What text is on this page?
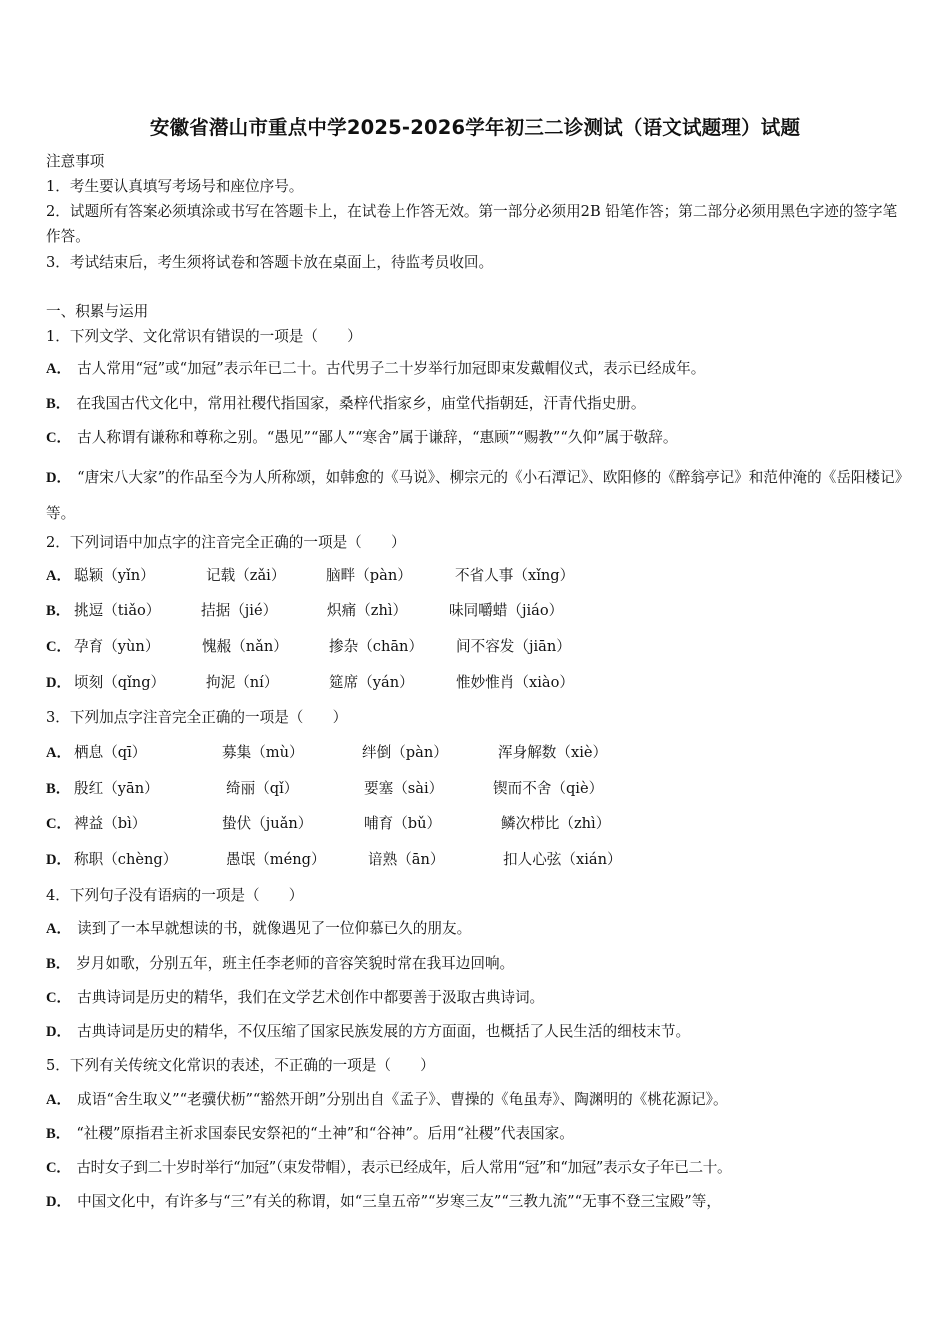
安徽省潜山市重点中学2025-2026学年初三二诊测试（语文试题理）试题
注意事项
1．考生要认真填写考场号和座位序号。
2．试题所有答案必须填涂或书写在答题卡上，在试卷上作答无效。第一部分必须用2B 铅笔作答；第二部分必须用黑色字迹的签字笔作答。
3．考试结束后，考生须将试卷和答题卡放在桌面上，待监考员收回。
一、积累与运用
1．下列文学、文化常识有错误的一项是（　　）
A． 古人常用“冠”或“加冠”表示年已二十。古代男子二十岁举行加冠即束发戴帽仪式，表示已经成年。
B． 在我国古代文化中，常用社稷代指国家，桑梓代指家乡，庙堂代指朝廷，汗青代指史册。
C． 古人称谓有谦称和尊称之别。“愚见”“鄙人”“寒舍”属于谦辞，“惠顾”“赐教”“久仰”属于敬辞。
D． “唐宋八大家”的作品至今为人所称颂，如韩愈的《马说》、柳宗元的《小石潭记》、欧阳修的《醉翁亭记》和范仲淹的《岳阳楼记》等。
2．下列词语中加点字的注音完全正确的一项是（　　）
A． 聪颖（yǐn）	记载（zǎi）	脑畔（pàn）	不省人事（xǐng）
B． 挑逗（tiǎo）	拮据（jié）	炽痛（zhì）	味同嚼蜡（jiáo）
C． 孕育（yùn）	愧赧（nǎn）	掺杂（chān） 间不容发（jiān）
D． 顷刻（qǐng）	拘泥（ní）	筵席（yán）	惟妙惟肖（xiào）
3．下列加点字注音完全正确的一项是（　　）
A． 栖息（qī）	募集（mù）	绊倒（pàn）	浑身解数（xiè）
B． 殷红（yān）	绮丽（qǐ）	要塞（sài）	锲而不舍（qiè）
C． 裨益（bì）	蛰伏（juǎn）	哺育（bǔ）	鳞次栉比（zhì）
D． 称职（chèng）	愚氓（méng）	谙熟（ān）	扣人心弦（xián）
4．下列句子没有语病的一项是（　　）
A． 读到了一本早就想读的书，就像遇见了一位仰慕已久的朋友。
B． 岁月如歌，分别五年，班主任李老师的音容笑貌时常在我耳边回响。
C． 古典诗词是历史的精华，我们在文学艺术创作中都要善于汲取古典诗词。
D． 古典诗词是历史的精华，不仅压缩了国家民族发展的方方面面，也概括了人民生活的细枝末节。
5．下列有关传统文化常识的表述，不正确的一项是（　　）
A． 成语“舍生取义”“老骥伏枥”“豁然开朗”分别出自《孟子》、曹操的《龟虽寿》、陶渊明的《桃花源记》。
B． “社稷”原指君主祈求国泰民安祭祀的“土神”和“谷神”。后用“社稷”代表国家。
C． 古时女子到二十岁时举行“加冠”（束发带帽），表示已经成年，后人常用“冠”和“加冠”表示女子年已二十。
D． 中国文化中，有许多与“三”有关的称谓，如“三皇五帝”“岁寒三友”“三教九流”“无事不登三宝殿”等，
